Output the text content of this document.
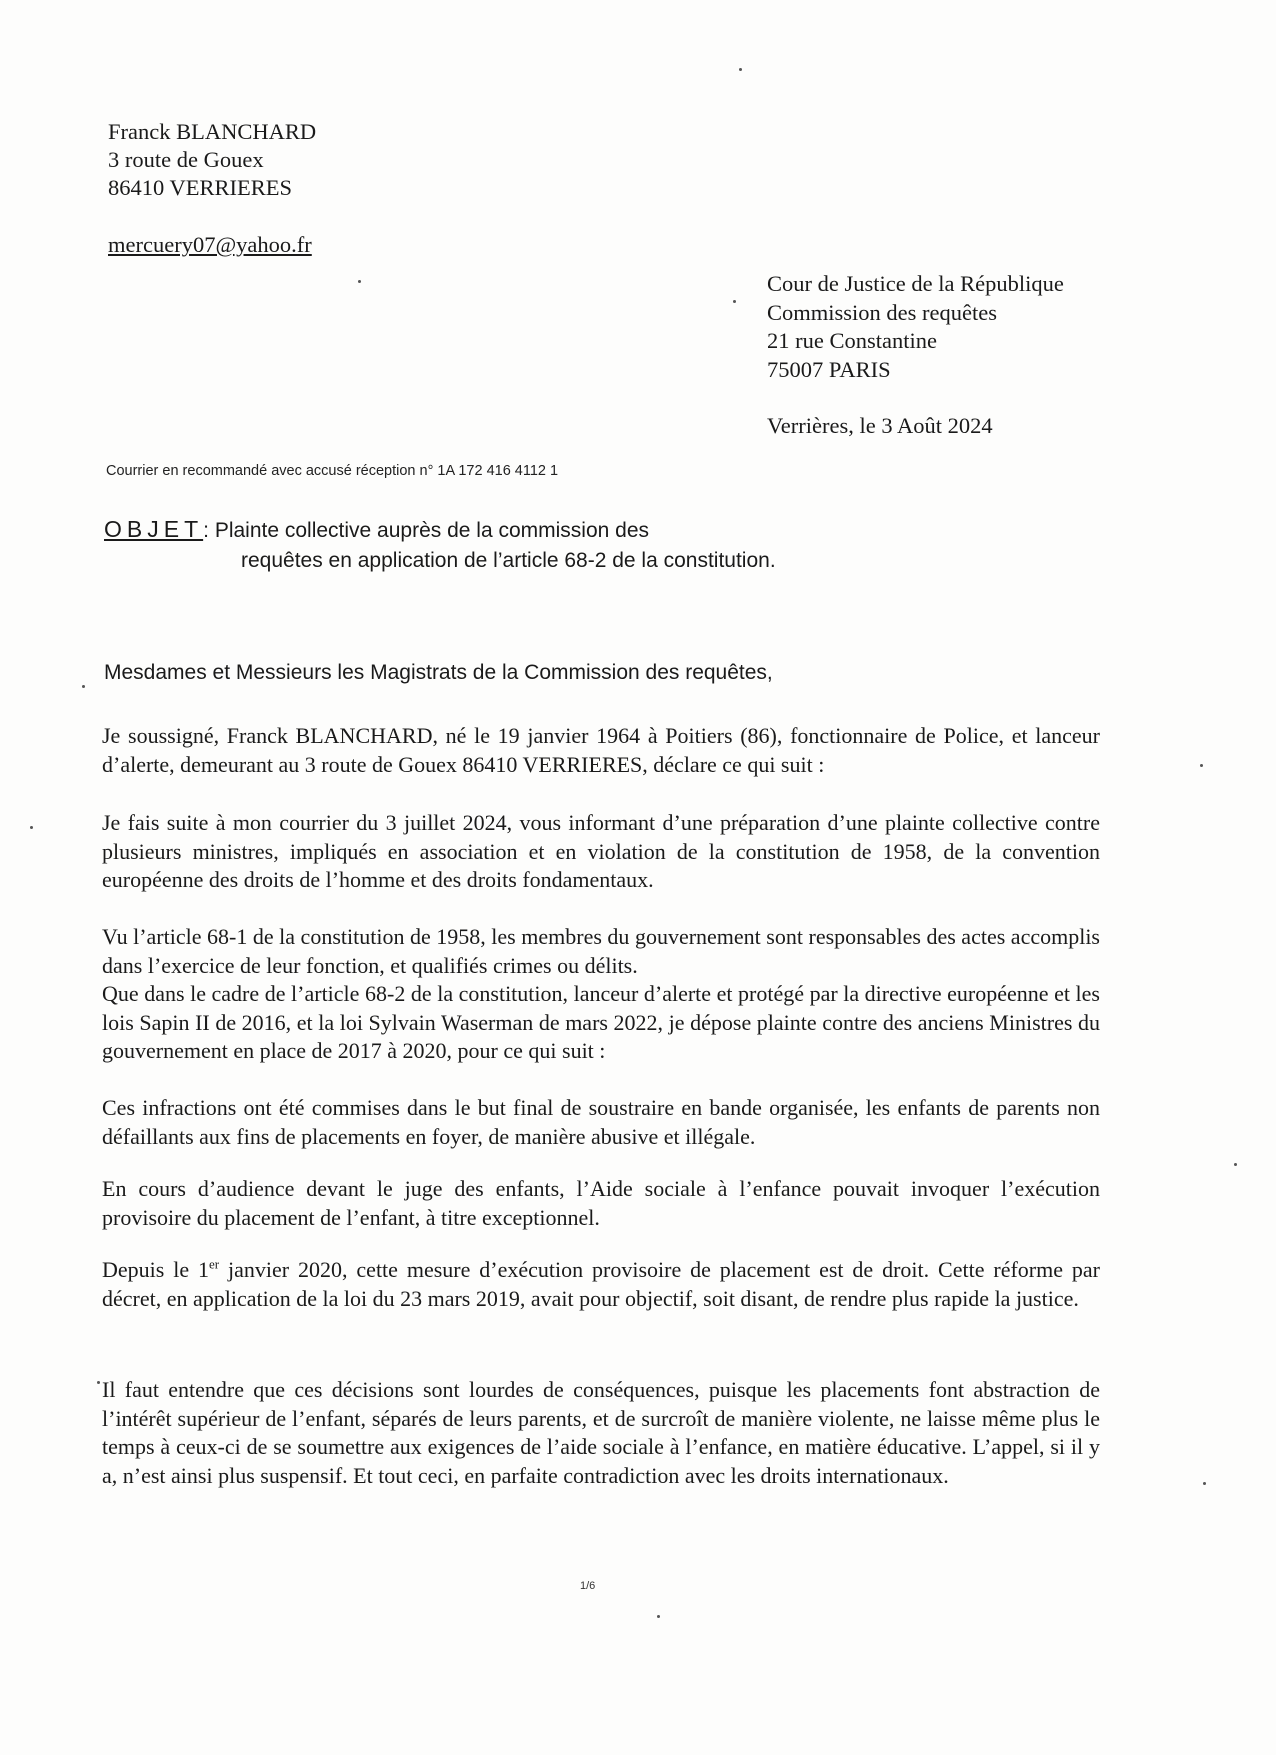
Franck BLANCHARD
3 route de Gouex
86410 VERRIERES
mercuery07@yahoo.fr
Cour de Justice de la République
Commission des requêtes
21 rue Constantine
75007 PARIS
Verrières, le 3 Août 2024
Courrier en recommandé avec accusé réception n° 1A 172 416 4112 1
OBJET: Plainte collective auprès de la commission des
requêtes en application de l’article 68-2 de la constitution.
Mesdames et Messieurs les Magistrats de la Commission des requêtes,

Je soussigné, Franck BLANCHARD, né le 19 janvier 1964 à Poitiers (86), fonctionnaire de Police, et lanceur d’alerte, demeurant au 3 route de Gouex 86410 VERRIERES, déclare ce qui suit :

Je fais suite à mon courrier du 3 juillet 2024, vous informant d’une préparation d’une plainte collective contre plusieurs ministres, impliqués en association et en violation de la constitution de 1958, de la convention européenne des droits de l’homme et des droits fondamentaux.

Vu l’article 68-1 de la constitution de 1958, les membres du gouvernement sont responsables des actes accomplis dans l’exercice de leur fonction, et qualifiés crimes ou délits.

Que dans le cadre de l’article 68-2 de la constitution, lanceur d’alerte et protégé par la directive européenne et les lois Sapin II de 2016, et la loi Sylvain Waserman de mars 2022, je dépose plainte contre des anciens Ministres du gouvernement en place de 2017 à 2020, pour ce qui suit :

Ces infractions ont été commises dans le but final de soustraire en bande organisée, les enfants de parents non défaillants aux fins de placements en foyer, de manière abusive et illégale.

En cours d’audience devant le juge des enfants, l’Aide sociale à l’enfance pouvait invoquer l’exécution provisoire du placement de l’enfant, à titre exceptionnel.

Depuis le 1er janvier 2020, cette mesure d’exécution provisoire de placement est de droit. Cette réforme par décret, en application de la loi du 23 mars 2019, avait pour objectif, soit disant, de rendre plus rapide la justice.

Il faut entendre que ces décisions sont lourdes de conséquences, puisque les placements font abstraction de l’intérêt supérieur de l’enfant, séparés de leurs parents, et de surcroît de manière violente, ne laisse même plus le temps à ceux-ci de se soumettre aux exigences de l’aide sociale à l’enfance, en matière éducative. L’appel, si il y a, n’est ainsi plus suspensif. Et tout ceci, en parfaite contradiction avec les droits internationaux.

1/6
